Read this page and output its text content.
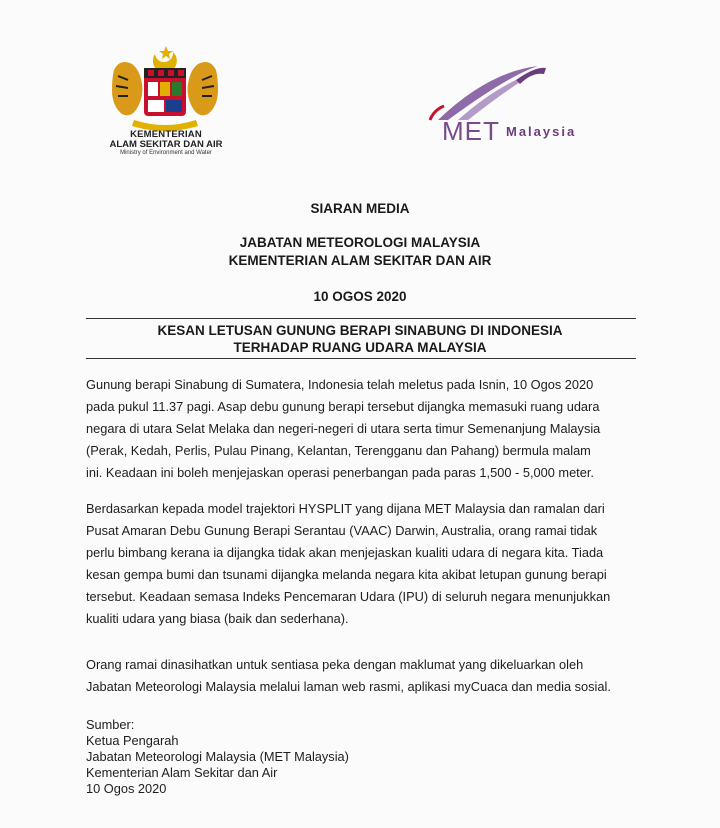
KEMENTERIAN
ALAM SEKITAR DAN AIR
Ministry of Environment and Water
MET Malaysia
SIARAN MEDIA
JABATAN METEOROLOGI MALAYSIA
KEMENTERIAN ALAM SEKITAR DAN AIR
10 OGOS 2020
KESAN LETUSAN GUNUNG BERAPI SINABUNG DI INDONESIA
TERHADAP RUANG UDARA MALAYSIA
Gunung berapi Sinabung di Sumatera, Indonesia telah meletus pada Isnin, 10 Ogos 2020
pada pukul 11.37 pagi. Asap debu gunung berapi tersebut dijangka memasuki ruang udara
negara di utara Selat Melaka dan negeri-negeri di utara serta timur Semenanjung Malaysia
(Perak, Kedah, Perlis, Pulau Pinang, Kelantan, Terengganu dan Pahang) bermula malam
ini. Keadaan ini boleh menjejaskan operasi penerbangan pada paras 1,500 - 5,000 meter.
Berdasarkan kepada model trajektori HYSPLIT yang dijana MET Malaysia dan ramalan dari
Pusat Amaran Debu Gunung Berapi Serantau (VAAC) Darwin, Australia, orang ramai tidak
perlu bimbang kerana ia dijangka tidak akan menjejaskan kualiti udara di negara kita. Tiada
kesan gempa bumi dan tsunami dijangka melanda negara kita akibat letupan gunung berapi
tersebut. Keadaan semasa Indeks Pencemaran Udara (IPU) di seluruh negara menunjukkan
kualiti udara yang biasa (baik dan sederhana).
Orang ramai dinasihatkan untuk sentiasa peka dengan maklumat yang dikeluarkan oleh
Jabatan Meteorologi Malaysia melalui laman web rasmi, aplikasi myCuaca dan media sosial.
Sumber:
Ketua Pengarah
Jabatan Meteorologi Malaysia (MET Malaysia)
Kementerian Alam Sekitar dan Air
10 Ogos 2020
